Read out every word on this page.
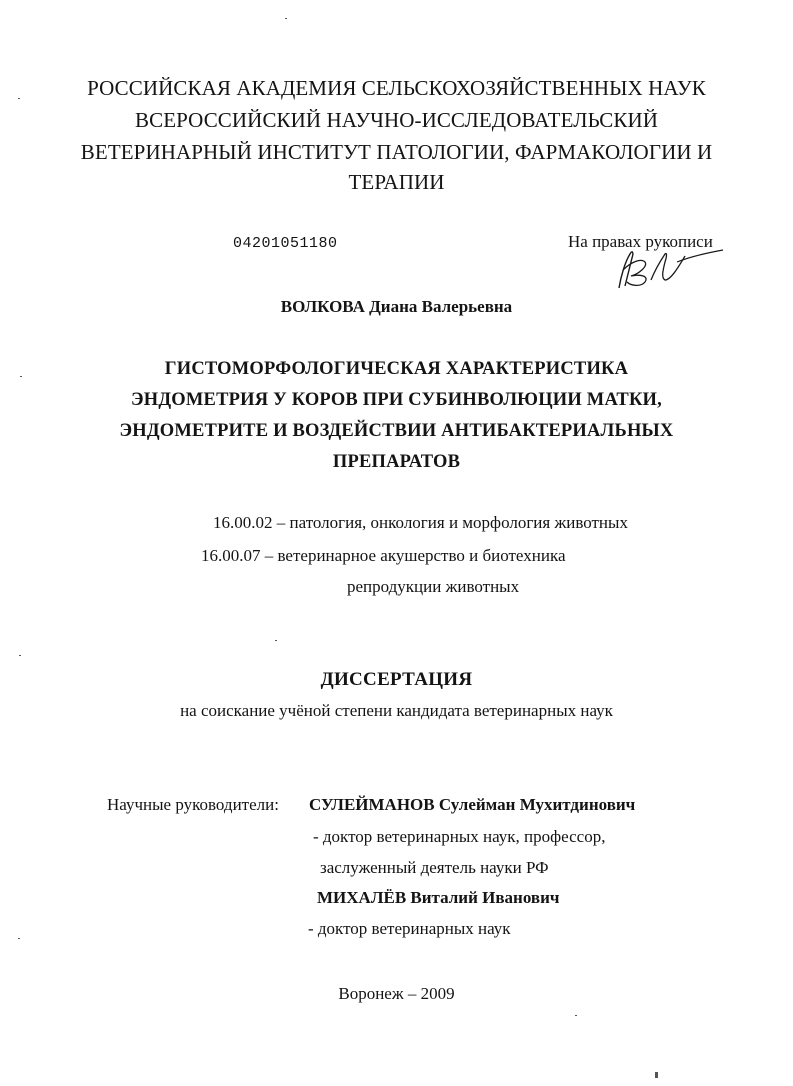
РОССИЙСКАЯ АКАДЕМИЯ СЕЛЬСКОХОЗЯЙСТВЕННЫХ НАУК
ВСЕРОССИЙСКИЙ НАУЧНО-ИССЛЕДОВАТЕЛЬСКИЙ
ВЕТЕРИНАРНЫЙ ИНСТИТУТ ПАТОЛОГИИ, ФАРМАКОЛОГИИ И
ТЕРАПИИ
04201051180	На правах рукописи
ВОЛКОВА Диана Валерьевна
ГИСТОМОРФОЛОГИЧЕСКАЯ ХАРАКТЕРИСТИКА
ЭНДОМЕТРИЯ У КОРОВ ПРИ СУБИНВОЛЮЦИИ МАТКИ,
ЭНДОМЕТРИТЕ И ВОЗДЕЙСТВИИ АНТИБАКТЕРИАЛЬНЫХ
ПРЕПАРАТОВ
16.00.02 – патология, онкология и морфология животных
16.00.07 – ветеринарное акушерство и биотехника
репродукции животных
ДИССЕРТАЦИЯ
на соискание учёной степени кандидата ветеринарных наук
Научные руководители: СУЛЕЙМАНОВ Сулейман Мухитдинович
- доктор ветеринарных наук, профессор,
заслуженный деятель науки РФ
МИХАЛЁВ Виталий Иванович
- доктор ветеринарных наук
Воронеж – 2009
